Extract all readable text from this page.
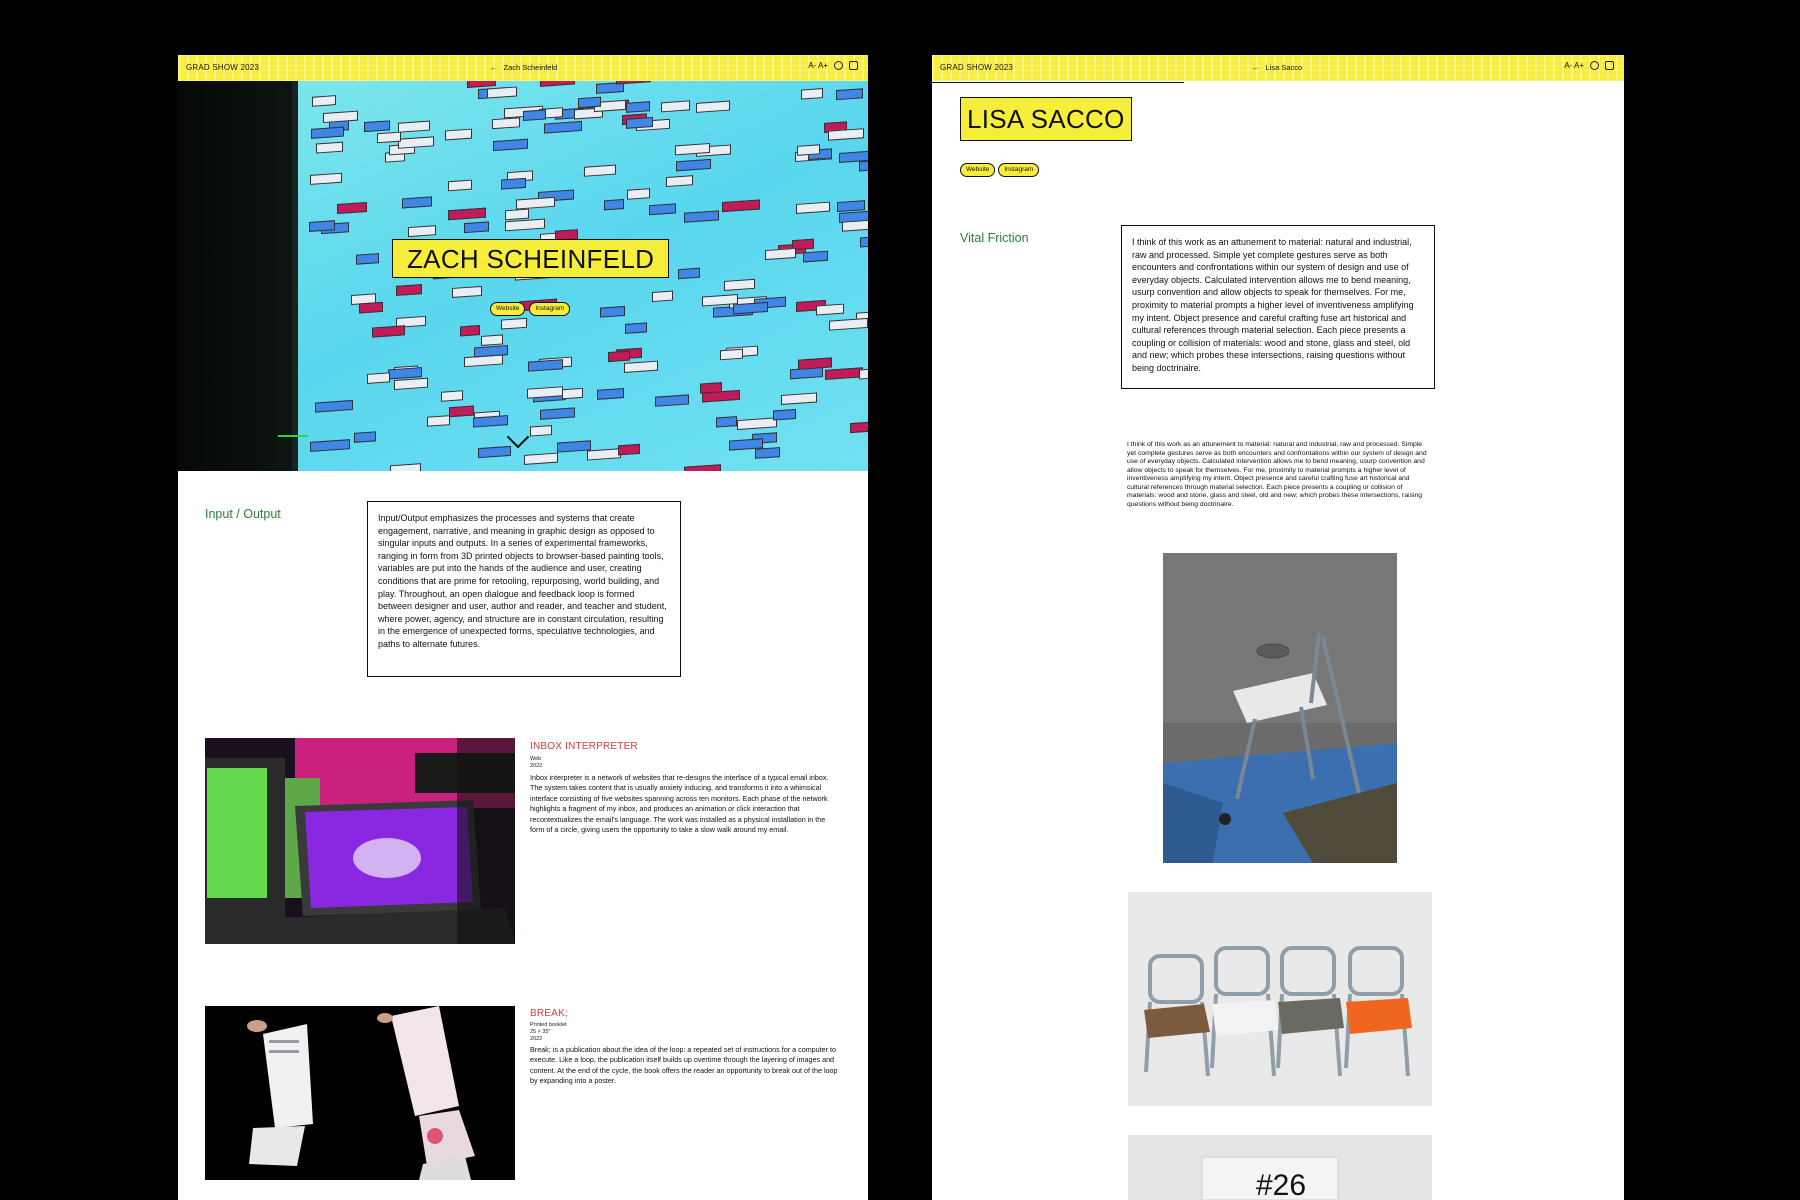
ZACH SCHEINFELD
Website	Instagram
GRAD SHOW 2023	← Zach Scheinfeld	A- A+
Input / Output	Input/Output emphasizes the processes and systems that create engagement, narrative, and meaning in graphic design as opposed to singular inputs and outputs. In a series of experimental frameworks, ranging in form from 3D printed objects to browser-based painting tools, variables are put into the hands of the audience and user, creating conditions that are prime for retooling, repurposing, world building, and play. Throughout, an open dialogue and feedback loop is formed between designer and user, author and reader, and teacher and student, where power, agency, and structure are in constant circulation, resulting in the emergence of unexpected forms, speculative technologies, and paths to alternate futures.
INBOX INTERPRETER
Web
2022
Inbox interpreter is a network of websites that re-designs the interface of a typical email inbox. The system takes content that is usually anxiety inducing, and transforms it into a whimsical interface consisting of five websites spanning across ten monitors. Each phase of the network highlights a fragment of my inbox, and produces an animation or click interaction that recontextualizes the email's language. The work was installed as a physical installation in the form of a circle, giving users the opportunity to take a slow walk around my email.
BREAK;
Printed booklet
25 × 35"
2022
Break; is a publication about the idea of the loop: a repeated set of instructions for a computer to execute. Like a loop, the publication itself builds up overtime through the layering of images and content. At the end of the cycle, the book offers the reader an opportunity to break out of the loop by expanding into a poster.
GRAD SHOW 2023	← Lisa Sacco	A- A+
LISA SACCO
Website	Instagram
Vital Friction	I think of this work as an attunement to material: natural and industrial, raw and processed. Simple yet complete gestures serve as both encounters and confrontations within our system of design and use of everyday objects. Calculated intervention allows me to bend meaning, usurp convention and allow objects to speak for themselves. For me, proximity to material prompts a higher level of inventiveness amplifying my intent. Object presence and careful crafting fuse art historical and cultural references through material selection. Each piece presents a coupling or collision of materials: wood and stone, glass and steel, old and new; which probes these intersections, raising questions without being doctrinaire.
I think of this work as an attunement to material: natural and industrial, raw and processed. Simple yet complete gestures serve as both encounters and confrontations within our system of design and use of everyday objects. Calculated intervention allows me to bend meaning, usurp convention and allow objects to speak for themselves. For me, proximity to material prompts a higher level of inventiveness amplifying my intent. Object presence and careful crafting fuse art historical and cultural references through material selection. Each piece presents a coupling or collision of materials: wood and stone, glass and steel, old and new; which probes these intersections, raising questions without being doctrinaire.
#26
